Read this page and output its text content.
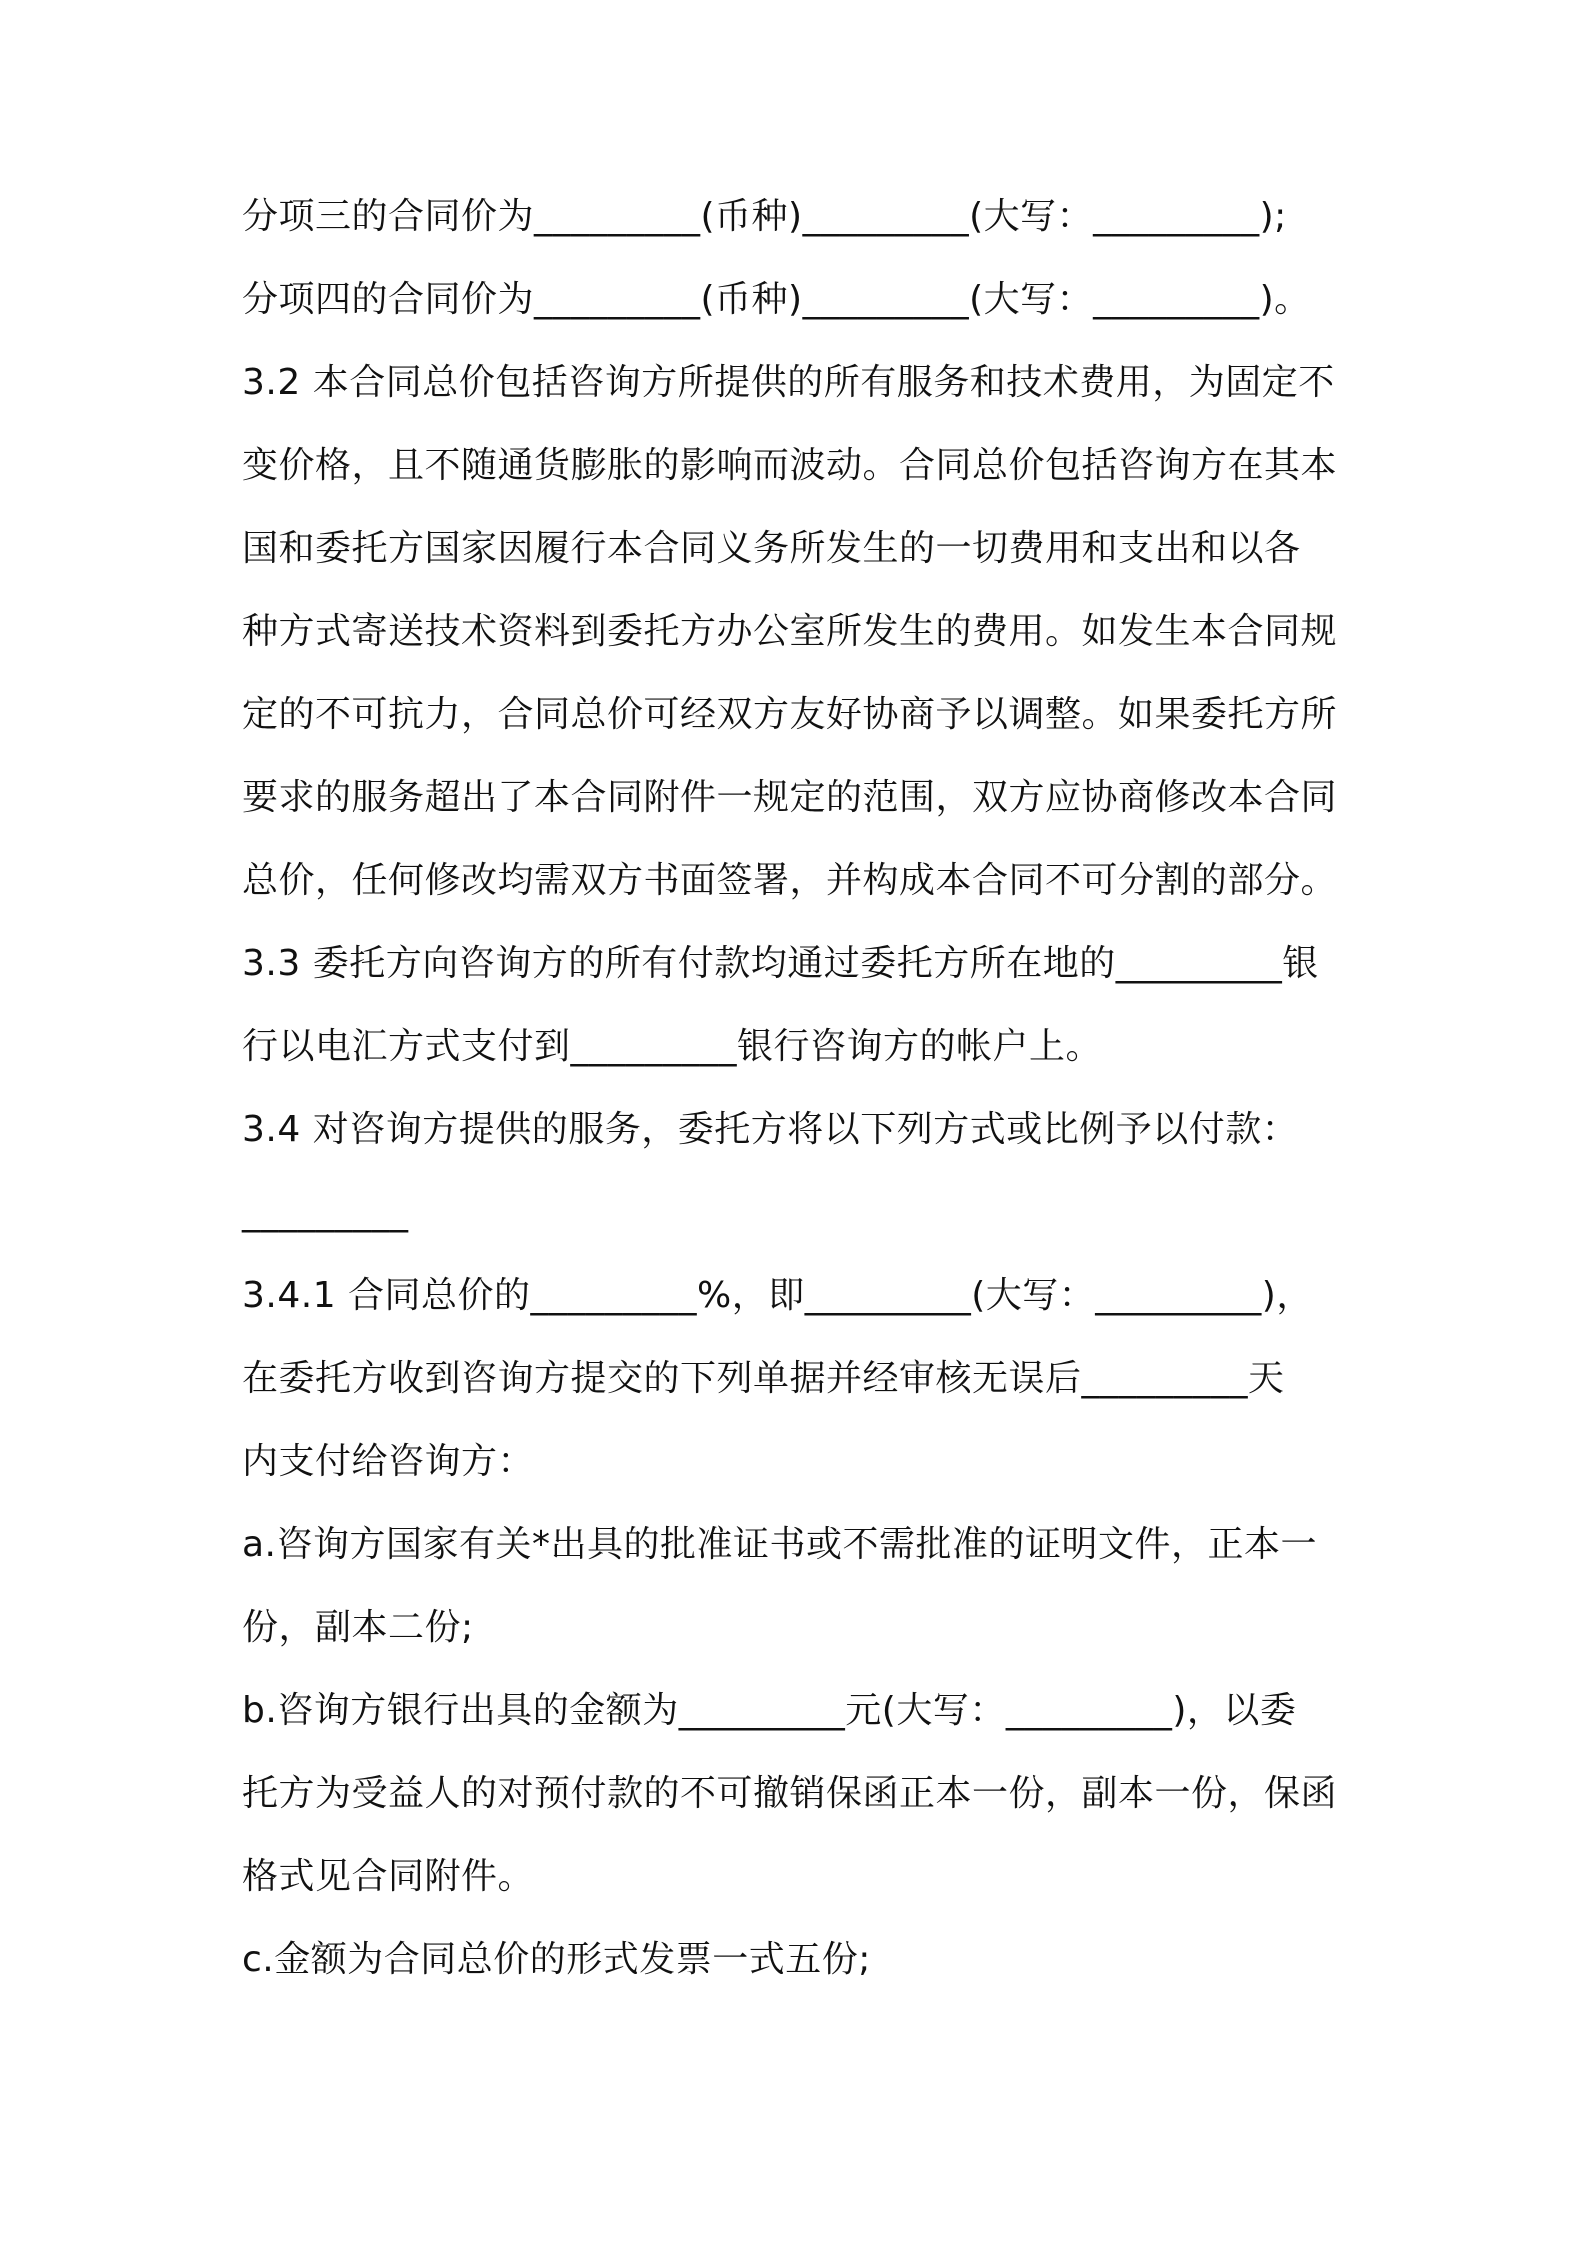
分项三的合同价为_________(币种)_________(大写：_________);
分项四的合同价为_________(币种)_________(大写：_________)。
3.2 本合同总价包括咨询方所提供的所有服务和技术费用，为固定不
变价格，且不随通货膨胀的影响而波动。合同总价包括咨询方在其本
国和委托方国家因履行本合同义务所发生的一切费用和支出和以各
种方式寄送技术资料到委托方办公室所发生的费用。如发生本合同规
定的不可抗力，合同总价可经双方友好协商予以调整。如果委托方所
要求的服务超出了本合同附件一规定的范围，双方应协商修改本合同
总价，任何修改均需双方书面签署，并构成本合同不可分割的部分。
3.3 委托方向咨询方的所有付款均通过委托方所在地的_________银
行以电汇方式支付到_________银行咨询方的帐户上。
3.4 对咨询方提供的服务，委托方将以下列方式或比例予以付款：
_________
3.4.1 合同总价的_________%，即_________(大写：_________)，
在委托方收到咨询方提交的下列单据并经审核无误后_________天
内支付给咨询方：
a.咨询方国家有关*出具的批准证书或不需批准的证明文件，正本一
份，副本二份;
b.咨询方银行出具的金额为_________元(大写：_________)，以委
托方为受益人的对预付款的不可撤销保函正本一份，副本一份，保函
格式见合同附件。
c.金额为合同总价的形式发票一式五份;
